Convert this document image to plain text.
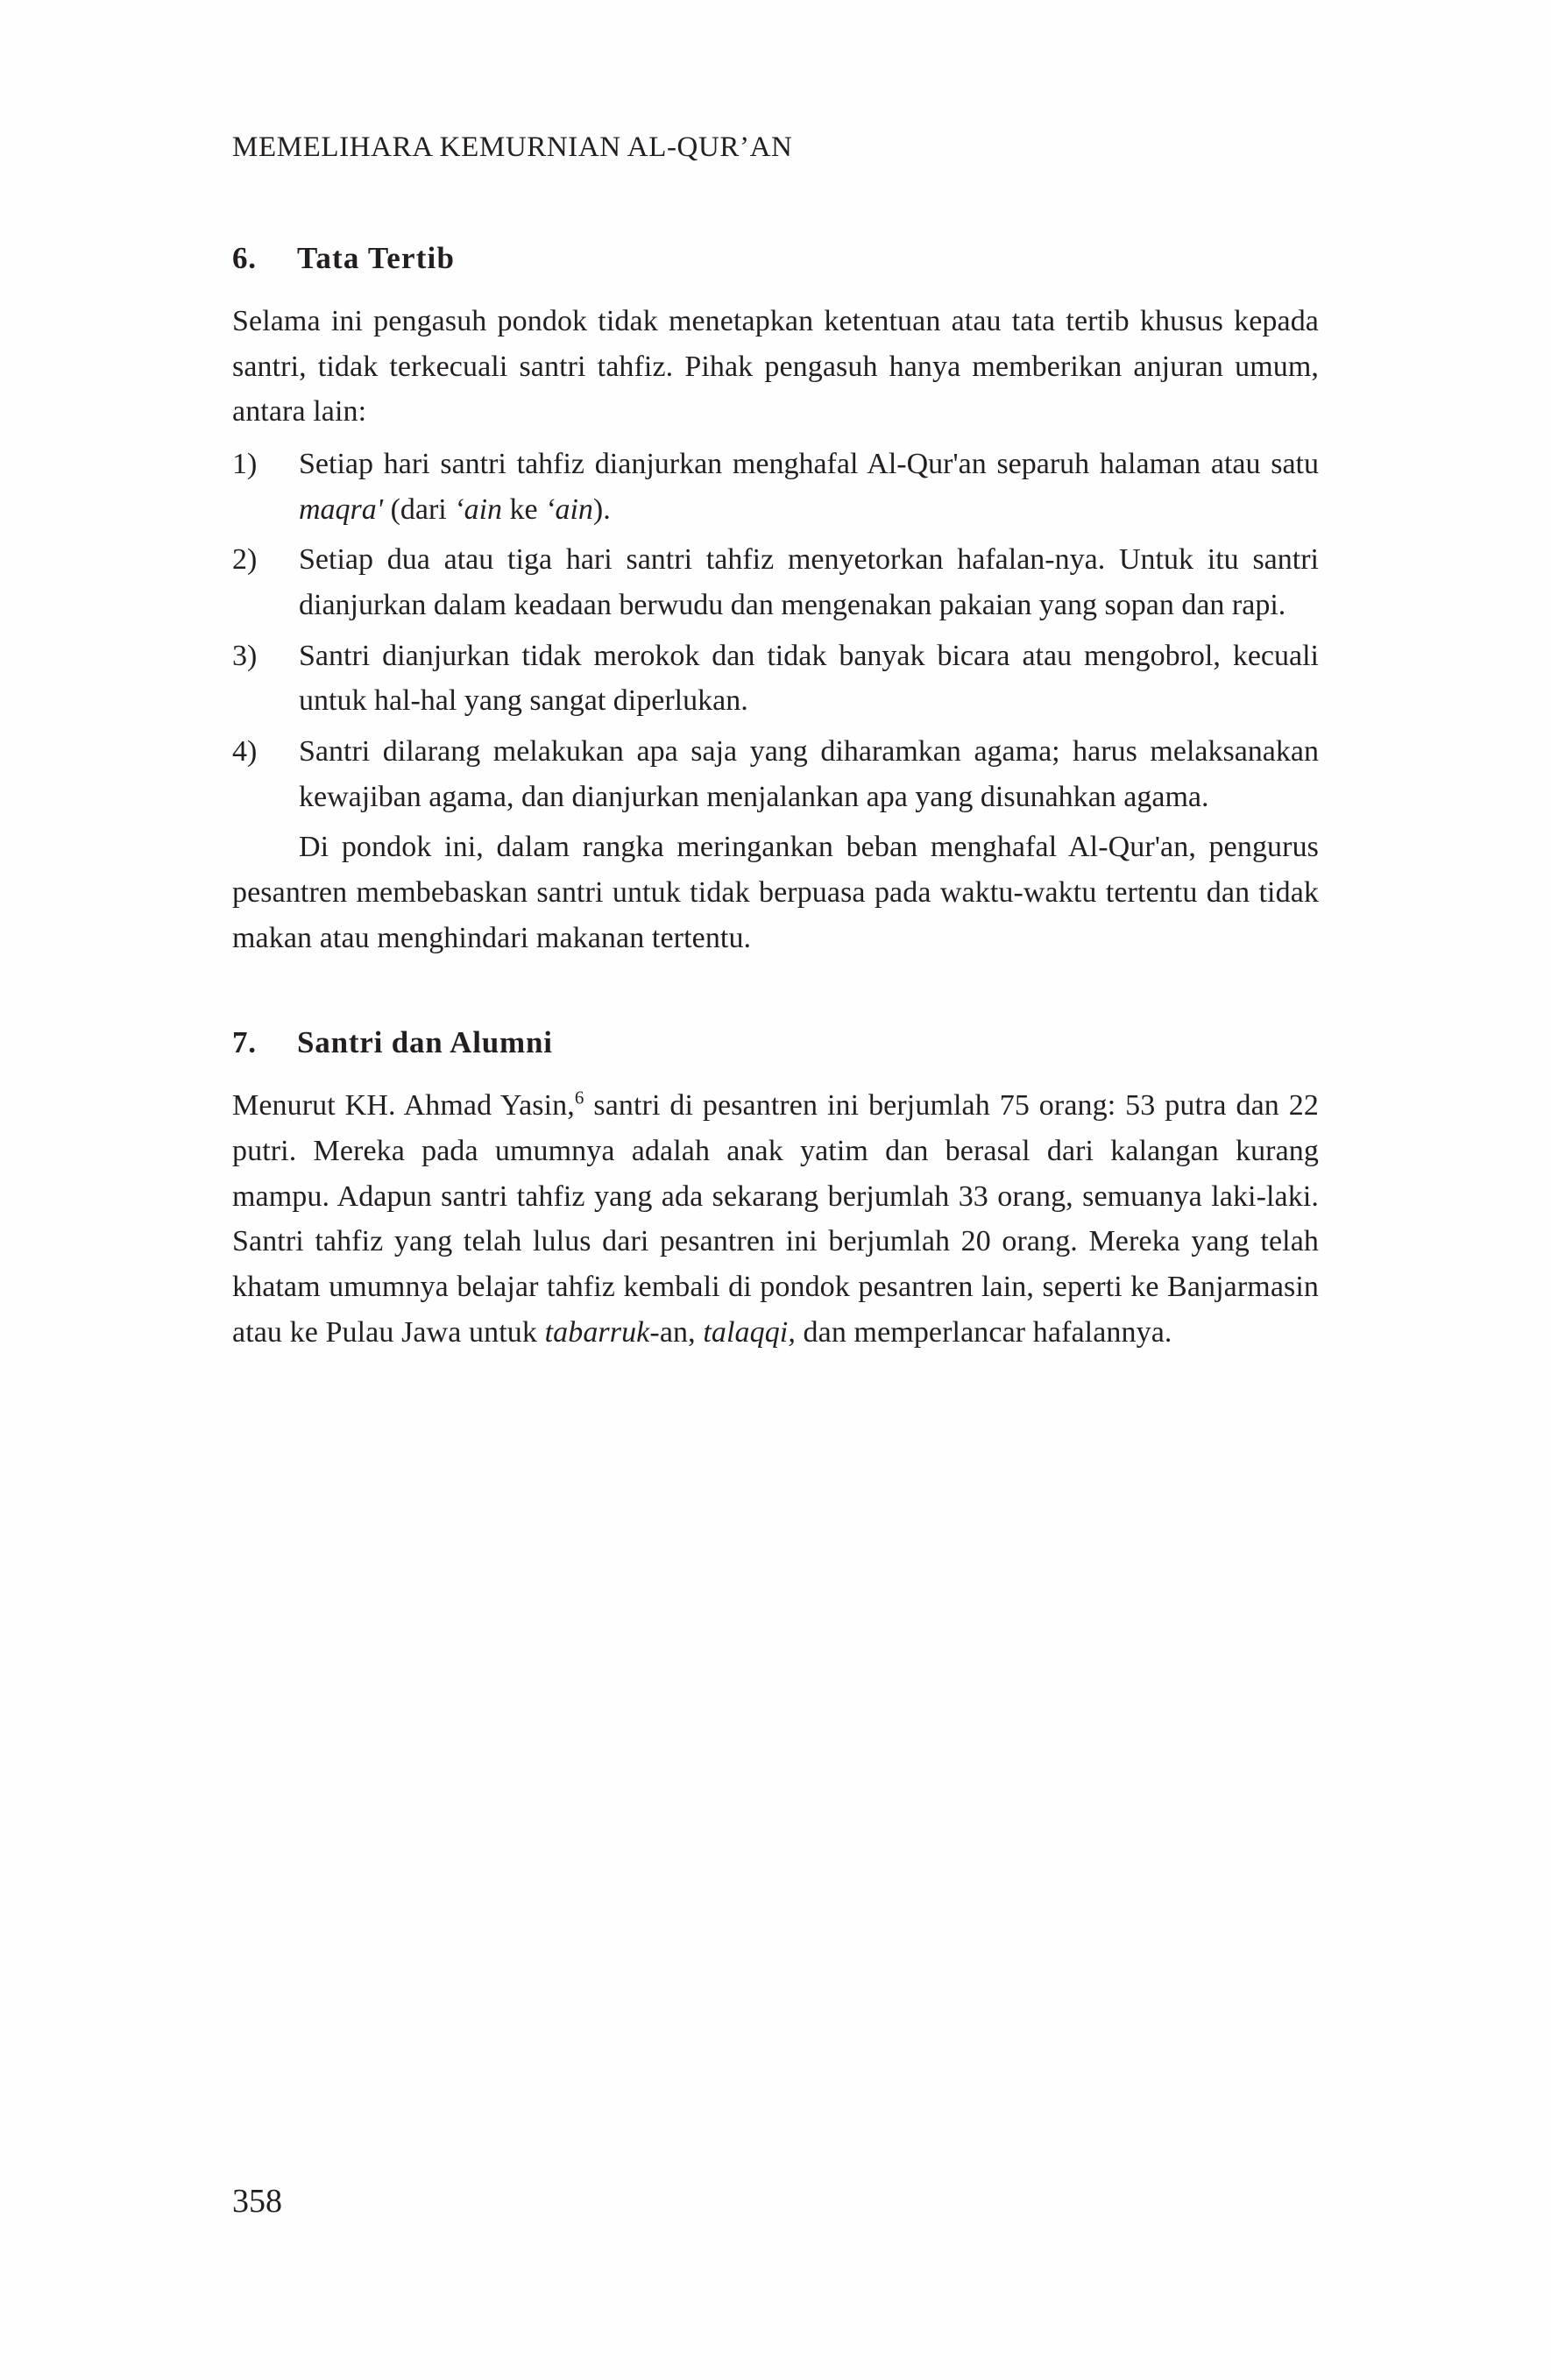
MEMELIHARA KEMURNIAN AL-QUR’AN
6.	Tata Tertib

Selama ini pengasuh pondok tidak menetapkan ketentuan atau tata tertib khusus kepada santri, tidak terkecuali santri tahfiz. Pihak pengasuh hanya memberikan anjuran umum, antara lain:

1)	Setiap hari santri tahfiz dianjurkan menghafal Al-Qur'an separuh halaman atau satu maqra' (dari ‘ain ke ‘ain).
2)	Setiap dua atau tiga hari santri tahfiz menyetorkan hafalan-nya. Untuk itu santri dianjurkan dalam keadaan berwudu dan mengenakan pakaian yang sopan dan rapi.
3)	Santri dianjurkan tidak merokok dan tidak banyak bicara atau mengobrol, kecuali untuk hal-hal yang sangat diperlukan.
4)	Santri dilarang melakukan apa saja yang diharamkan agama; harus melaksanakan kewajiban agama, dan dianjurkan menjalankan apa yang disunahkan agama.

Di pondok ini, dalam rangka meringankan beban menghafal Al-Qur'an, pengurus pesantren membebaskan santri untuk tidak berpuasa pada waktu-waktu tertentu dan tidak makan atau menghindari makanan tertentu.

7.	Santri dan Alumni

Menurut KH. Ahmad Yasin,$^6$ santri di pesantren ini berjumlah 75 orang: 53 putra dan 22 putri. Mereka pada umumnya adalah anak yatim dan berasal dari kalangan kurang mampu. Adapun santri tahfiz yang ada sekarang berjumlah 33 orang, semuanya laki-laki. Santri tahfiz yang telah lulus dari pesantren ini berjumlah 20 orang. Mereka yang telah khatam umumnya belajar tahfiz kembali di pondok pesantren lain, seperti ke Banjarmasin atau ke Pulau Jawa untuk tabarruk-an, talaqqi, dan memperlancar hafalannya.

358
